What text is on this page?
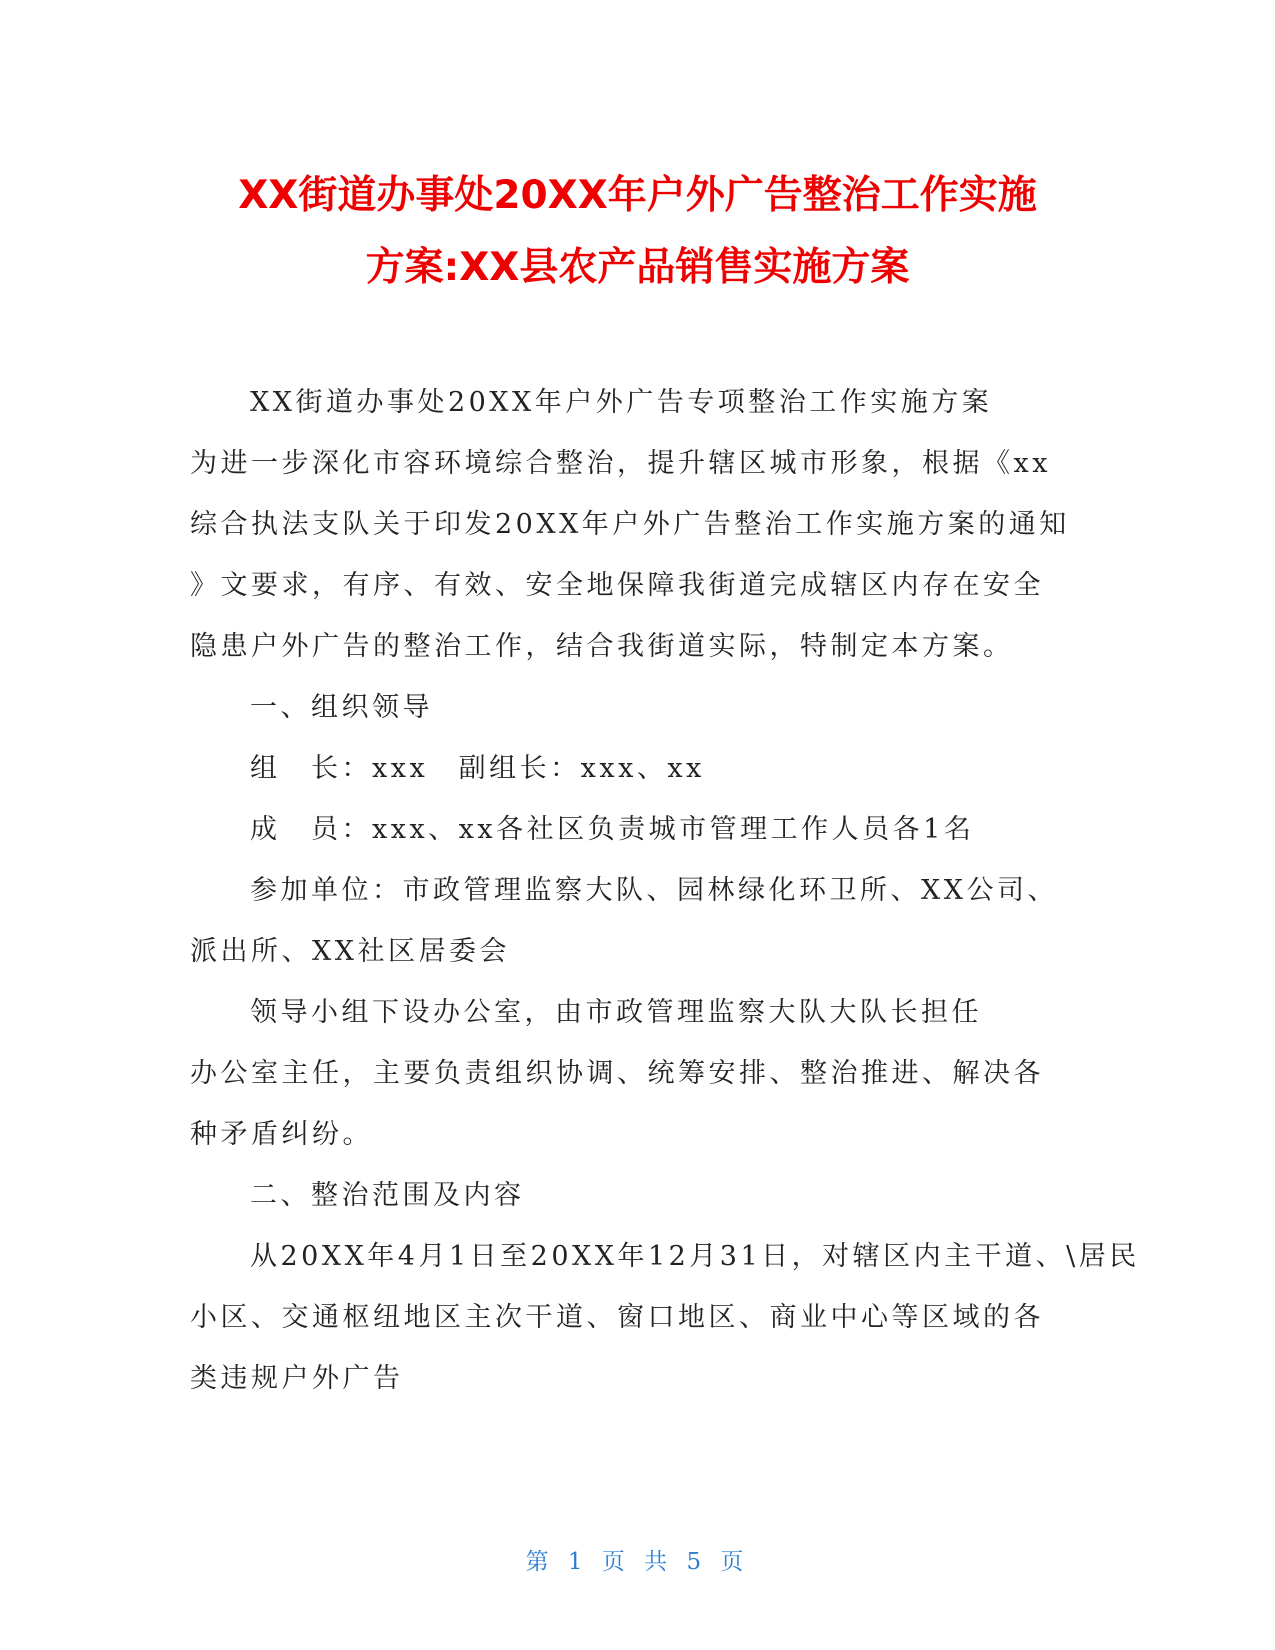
XX街道办事处20XX年户外广告整治工作实施
方案:XX县农产品销售实施方案
XX街道办事处20XX年户外广告专项整治工作实施方案
为进一步深化市容环境综合整治，提升辖区城市形象，根据《xx
综合执法支队关于印发20XX年户外广告整治工作实施方案的通知
》文要求，有序、有效、安全地保障我街道完成辖区内存在安全
隐患户外广告的整治工作，结合我街道实际，特制定本方案。
一、组织领导
组　长：xxx　副组长：xxx、xx
成　员：xxx、xx各社区负责城市管理工作人员各1名
参加单位：市政管理监察大队、园林绿化环卫所、XX公司、
派出所、XX社区居委会
领导小组下设办公室，由市政管理监察大队大队长担任
办公室主任，主要负责组织协调、统筹安排、整治推进、解决各
种矛盾纠纷。
二、整治范围及内容
从20XX年4月1日至20XX年12月31日，对辖区内主干道、\居民
小区、交通枢纽地区主次干道、窗口地区、商业中心等区域的各
类违规户外广告
第 1 页 共 5 页
